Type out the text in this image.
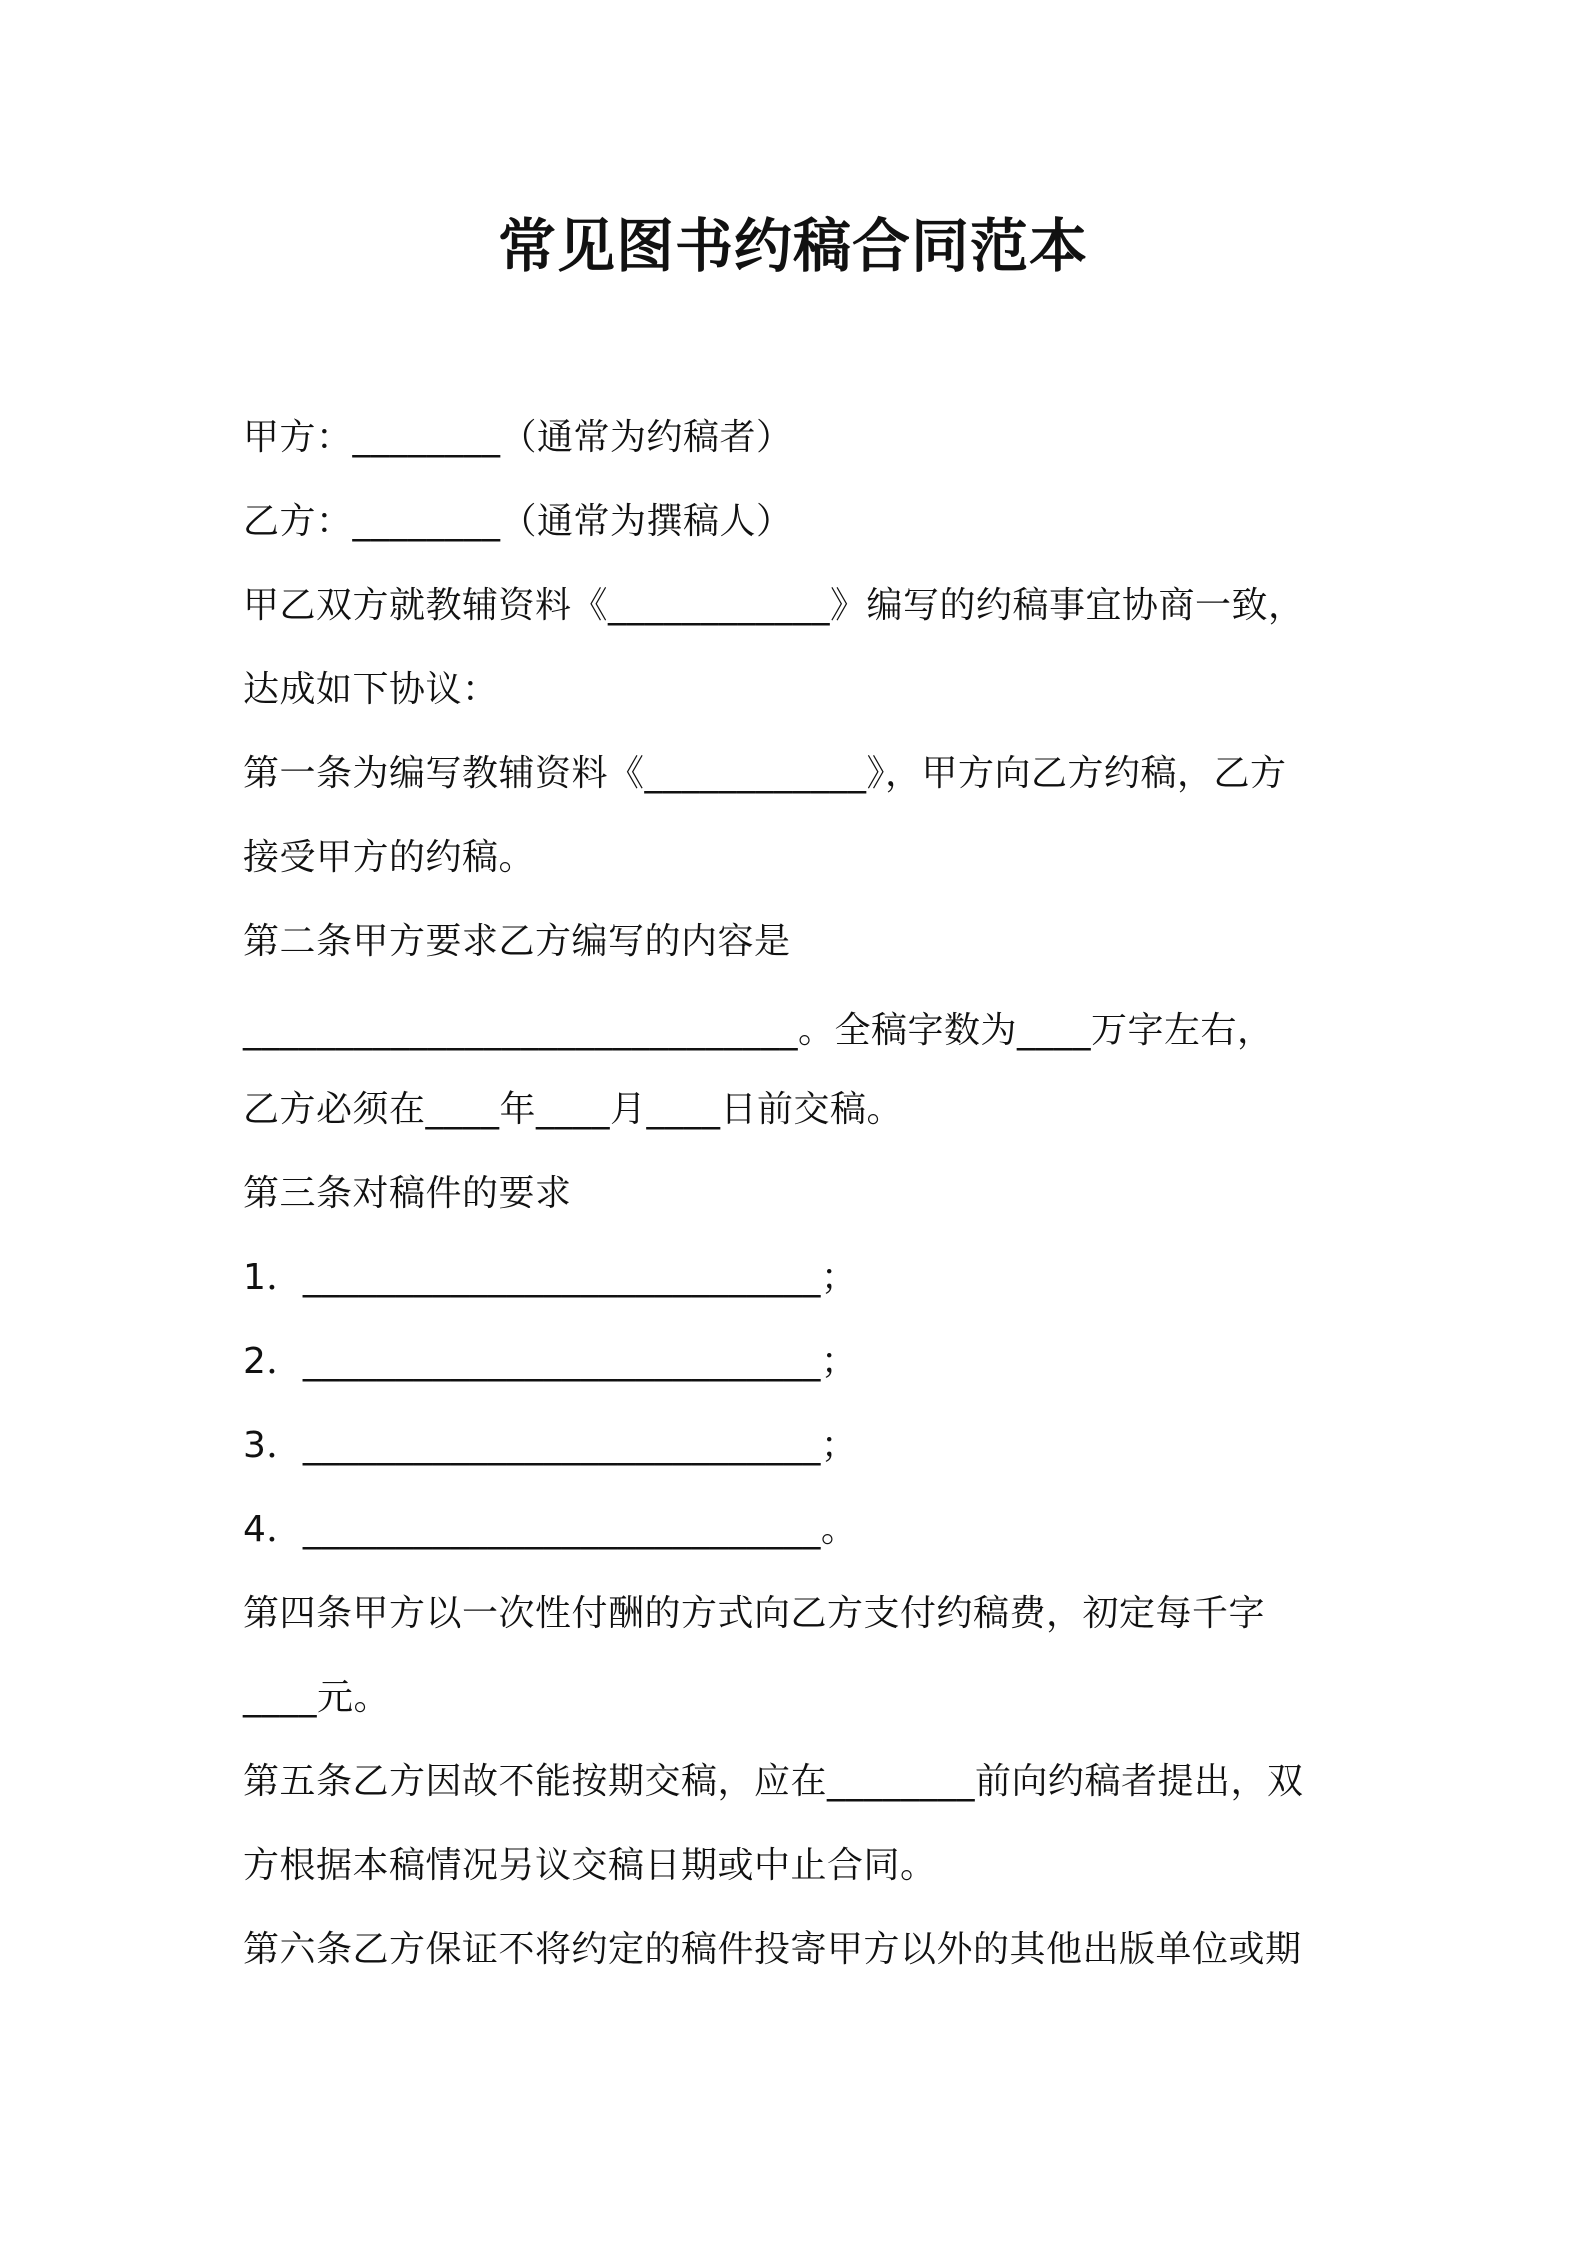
常见图书约稿合同范本
甲方：________（通常为约稿者）
乙方：________（通常为撰稿人）
甲乙双方就教辅资料《____________》编写的约稿事宜协商一致，
达成如下协议：
第一条为编写教辅资料《____________》，甲方向乙方约稿，乙方
接受甲方的约稿。
第二条甲方要求乙方编写的内容是
______________________________。全稿字数为____万字左右，
乙方必须在____年____月____日前交稿。
第三条对稿件的要求
1．____________________________；
2．____________________________；
3．____________________________；
4．____________________________。
第四条甲方以一次性付酬的方式向乙方支付约稿费，初定每千字
____元。
第五条乙方因故不能按期交稿，应在________前向约稿者提出，双
方根据本稿情况另议交稿日期或中止合同。
第六条乙方保证不将约定的稿件投寄甲方以外的其他出版单位或期
